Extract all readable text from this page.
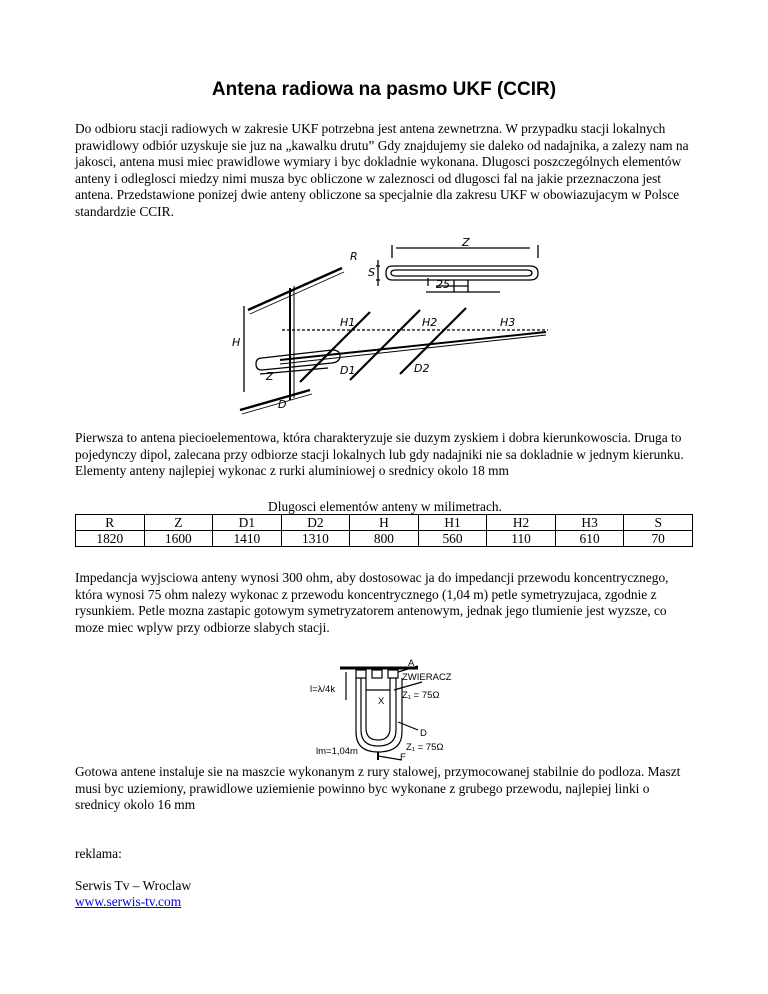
Antena radiowa na pasmo UKF (CCIR)
Do odbioru stacji radiowych w zakresie UKF potrzebna jest antena zewnetrzna. W przypadku stacji lokalnych prawidlowy odbiór uzyskuje sie juz na „kawalku drutu” Gdy znajdujemy sie daleko od nadajnika, a zalezy nam na jakosci, antena musi miec prawidlowe wymiary i byc dokladnie wykonana. Dlugosci poszczególnych elementów anteny i odleglosci miedzy nimi musza byc obliczone w zaleznosci od dlugosci fal na jakie przeznaczona jest antena. Przedstawione ponizej dwie anteny obliczone sa specjalnie dla zakresu UKF w obowiazujacym w Polsce standardzie CCIR.
R
Z
S
25
H
H1	H2	H3
Z
D
D1	D2
Pierwsza to antena piecioelementowa, która charakteryzuje sie duzym zyskiem i dobra kierunkowoscia. Druga to pojedynczy dipol, zalecana przy odbiorze stacji lokalnych lub gdy nadajniki nie sa dokladnie w jednym kierunku. Elementy anteny najlepiej wykonac z rurki aluminiowej o srednicy okolo 18 mm
Dlugosci elementów anteny w milimetrach.
R	Z	D1	D2	H	H1	H2	H3	S
1820	1600	1410	1310	800	560	110	610	70
Impedancja wyjsciowa anteny wynosi 300 ohm, aby dostosowac ja do impedancji przewodu koncentrycznego, która wynosi 75 ohm nalezy wykonac z przewodu koncentrycznego (1,04 m) petle symetryzujaca, zgodnie z rysunkiem. Petle mozna zastapic gotowym symetryzatorem antenowym, jednak jego tlumienie jest wyzsze, co moze miec wplyw przy odbiorze slabych stacji.
A
ZWIERACZ
l=λ/4k
X
Z₁ = 75Ω
D
Z₁ = 75Ω
lm=1,04m
F
Gotowa antene instaluje sie na maszcie wykonanym z rury stalowej, przymocowanej stabilnie do podloza. Maszt musi byc uziemiony, prawidlowe uziemienie powinno byc wykonane z grubego przewodu, najlepiej linki o srednicy okolo 16 mm
reklama:
Serwis Tv – Wroclaw
www.serwis-tv.com
